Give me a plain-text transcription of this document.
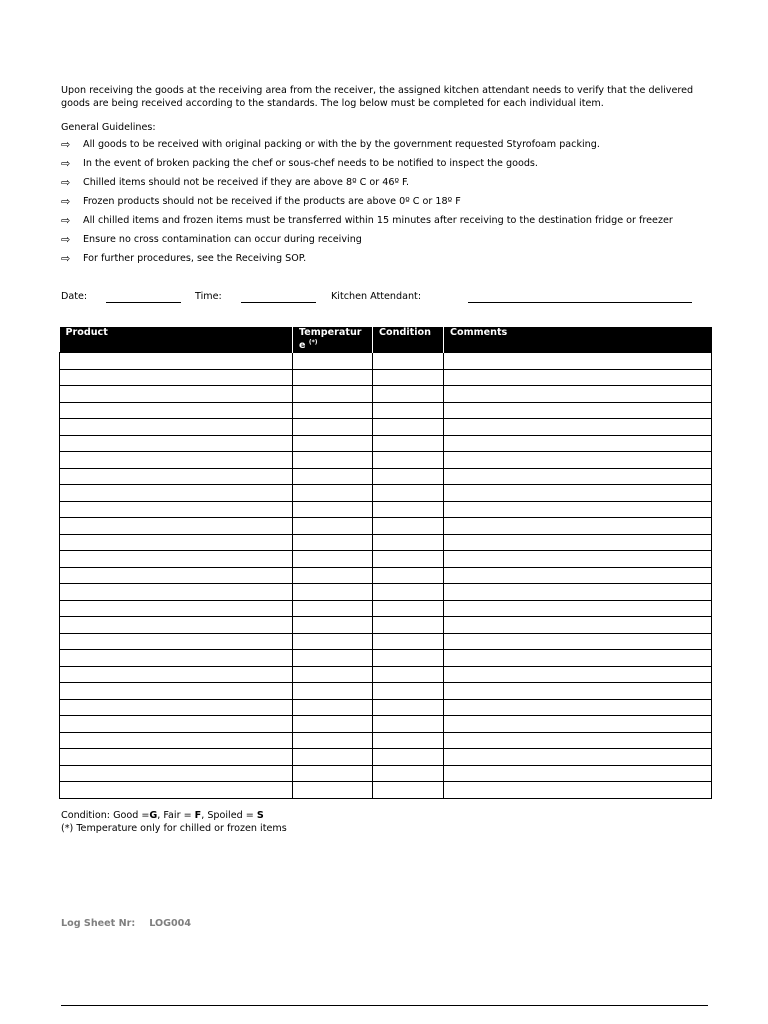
Upon receiving the goods at the receiving area from the receiver, the assigned kitchen attendant needs to verify that the delivered goods are being received according to the standards. The log below must be completed for each individual item.
General Guidelines:
⇨	All goods to be received with original packing or with the by the government requested Styrofoam packing.
⇨	In the event of broken packing the chef or sous-chef needs to be notified to inspect the goods.
⇨	Chilled items should not be received if they are above 8º C or 46º F.
⇨	Frozen products should not be received if the products are above 0º C or 18º F
⇨	All chilled items and frozen items must be transferred within 15 minutes after receiving to the destination fridge or freezer
⇨	Ensure no cross contamination can occur during receiving
⇨	For further procedures, see the Receiving SOP.
Date:	Time:	Kitchen Attendant:
Product	Temperature (*)	Condition	Comments

Condition: Good =G, Fair = F, Spoiled = S
(*) Temperature only for chilled or frozen items
Log Sheet Nr: LOG004
